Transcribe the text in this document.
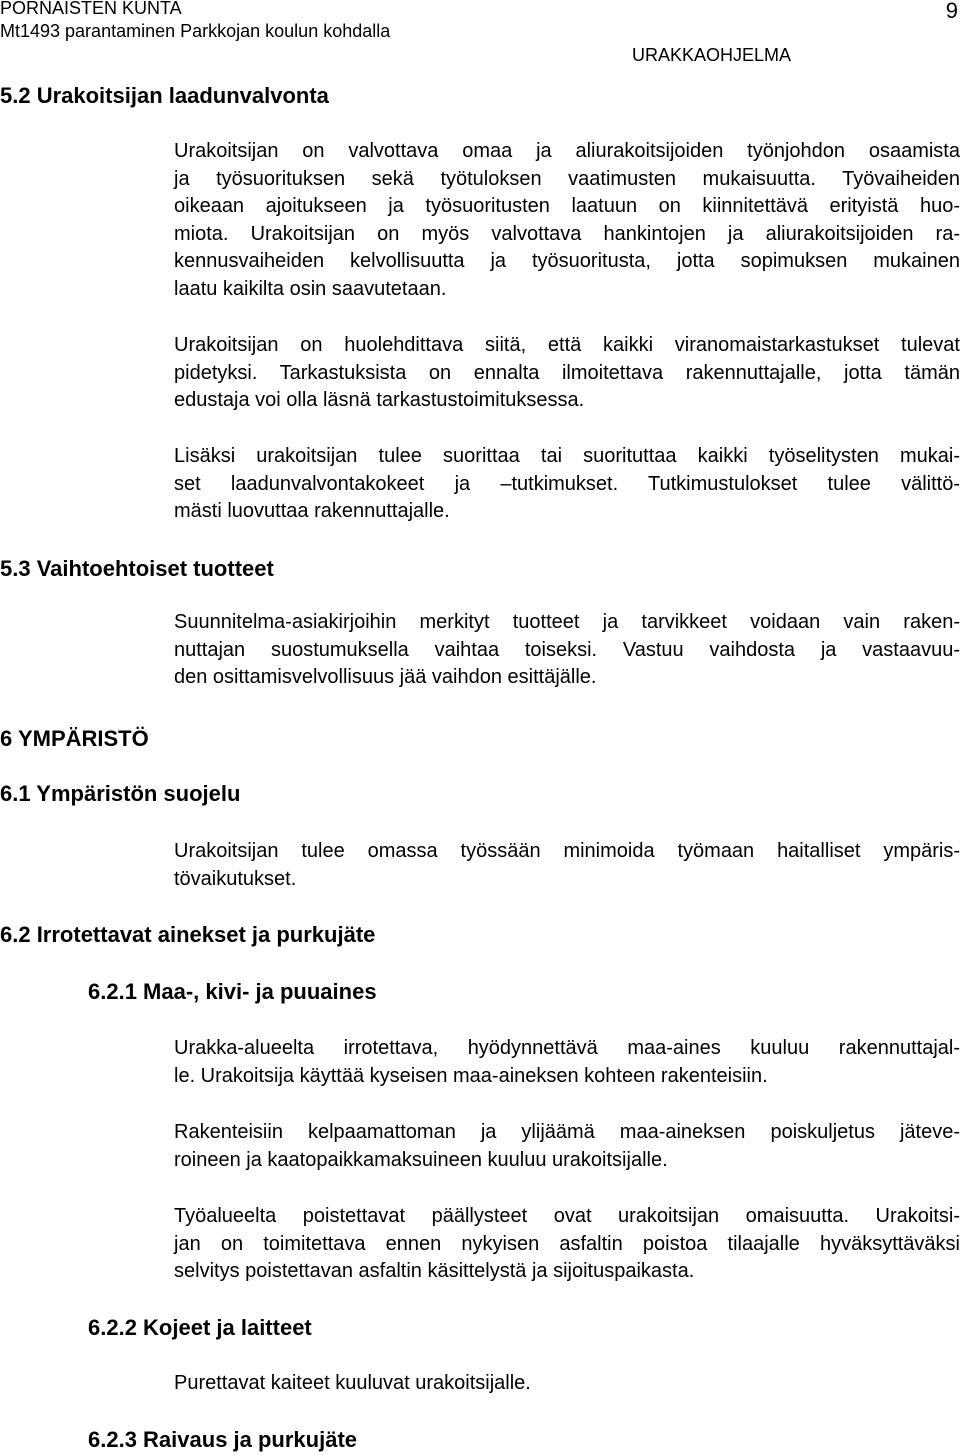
PORNAISTEN KUNTA
Mt1493 parantaminen Parkkojan koulun kohdalla
9
URAKKAOHJELMA
5.2 Urakoitsijan laadunvalvonta
Urakoitsijan on valvottava omaa ja aliurakoitsijoiden työnjohdon osaamista
ja työsuorituksen sekä työtuloksen vaatimusten mukaisuutta. Työvaiheiden
oikeaan ajoitukseen ja työsuoritusten laatuun on kiinnitettävä erityistä huo-
miota. Urakoitsijan on myös valvottava hankintojen ja aliurakoitsijoiden ra-
kennusvaiheiden kelvollisuutta ja työsuoritusta, jotta sopimuksen mukainen
laatu kaikilta osin saavutetaan.
Urakoitsijan on huolehdittava siitä, että kaikki viranomaistarkastukset tulevat
pidetyksi. Tarkastuksista on ennalta ilmoitettava rakennuttajalle, jotta tämän
edustaja voi olla läsnä tarkastustoimituksessa.
Lisäksi urakoitsijan tulee suorittaa tai suorituttaa kaikki työselitysten mukai-
set laadunvalvontakokeet ja –tutkimukset. Tutkimustulokset tulee välittö-
mästi luovuttaa rakennuttajalle.
5.3 Vaihtoehtoiset tuotteet
Suunnitelma-asiakirjoihin merkityt tuotteet ja tarvikkeet voidaan vain raken-
nuttajan suostumuksella vaihtaa toiseksi. Vastuu vaihdosta ja vastaavuu-
den osittamisvelvollisuus jää vaihdon esittäjälle.
6 YMPÄRISTÖ
6.1 Ympäristön suojelu
Urakoitsijan tulee omassa työssään minimoida työmaan haitalliset ympäris-
tövaikutukset.
6.2 Irrotettavat ainekset ja purkujäte
6.2.1 Maa-, kivi- ja puuaines
Urakka-alueelta irrotettava, hyödynnettävä maa-aines kuuluu rakennuttajal-
le. Urakoitsija käyttää kyseisen maa-aineksen kohteen rakenteisiin.
Rakenteisiin kelpaamattoman ja ylijäämä maa-aineksen poiskuljetus jäteve-
roineen ja kaatopaikkamaksuineen kuuluu urakoitsijalle.
Työalueelta poistettavat päällysteet ovat urakoitsijan omaisuutta. Urakoitsi-
jan on toimitettava ennen nykyisen asfaltin poistoa tilaajalle hyväksyttäväksi
selvitys poistettavan asfaltin käsittelystä ja sijoituspaikasta.
6.2.2 Kojeet ja laitteet
Purettavat kaiteet kuuluvat urakoitsijalle.
6.2.3 Raivaus ja purkujäte
